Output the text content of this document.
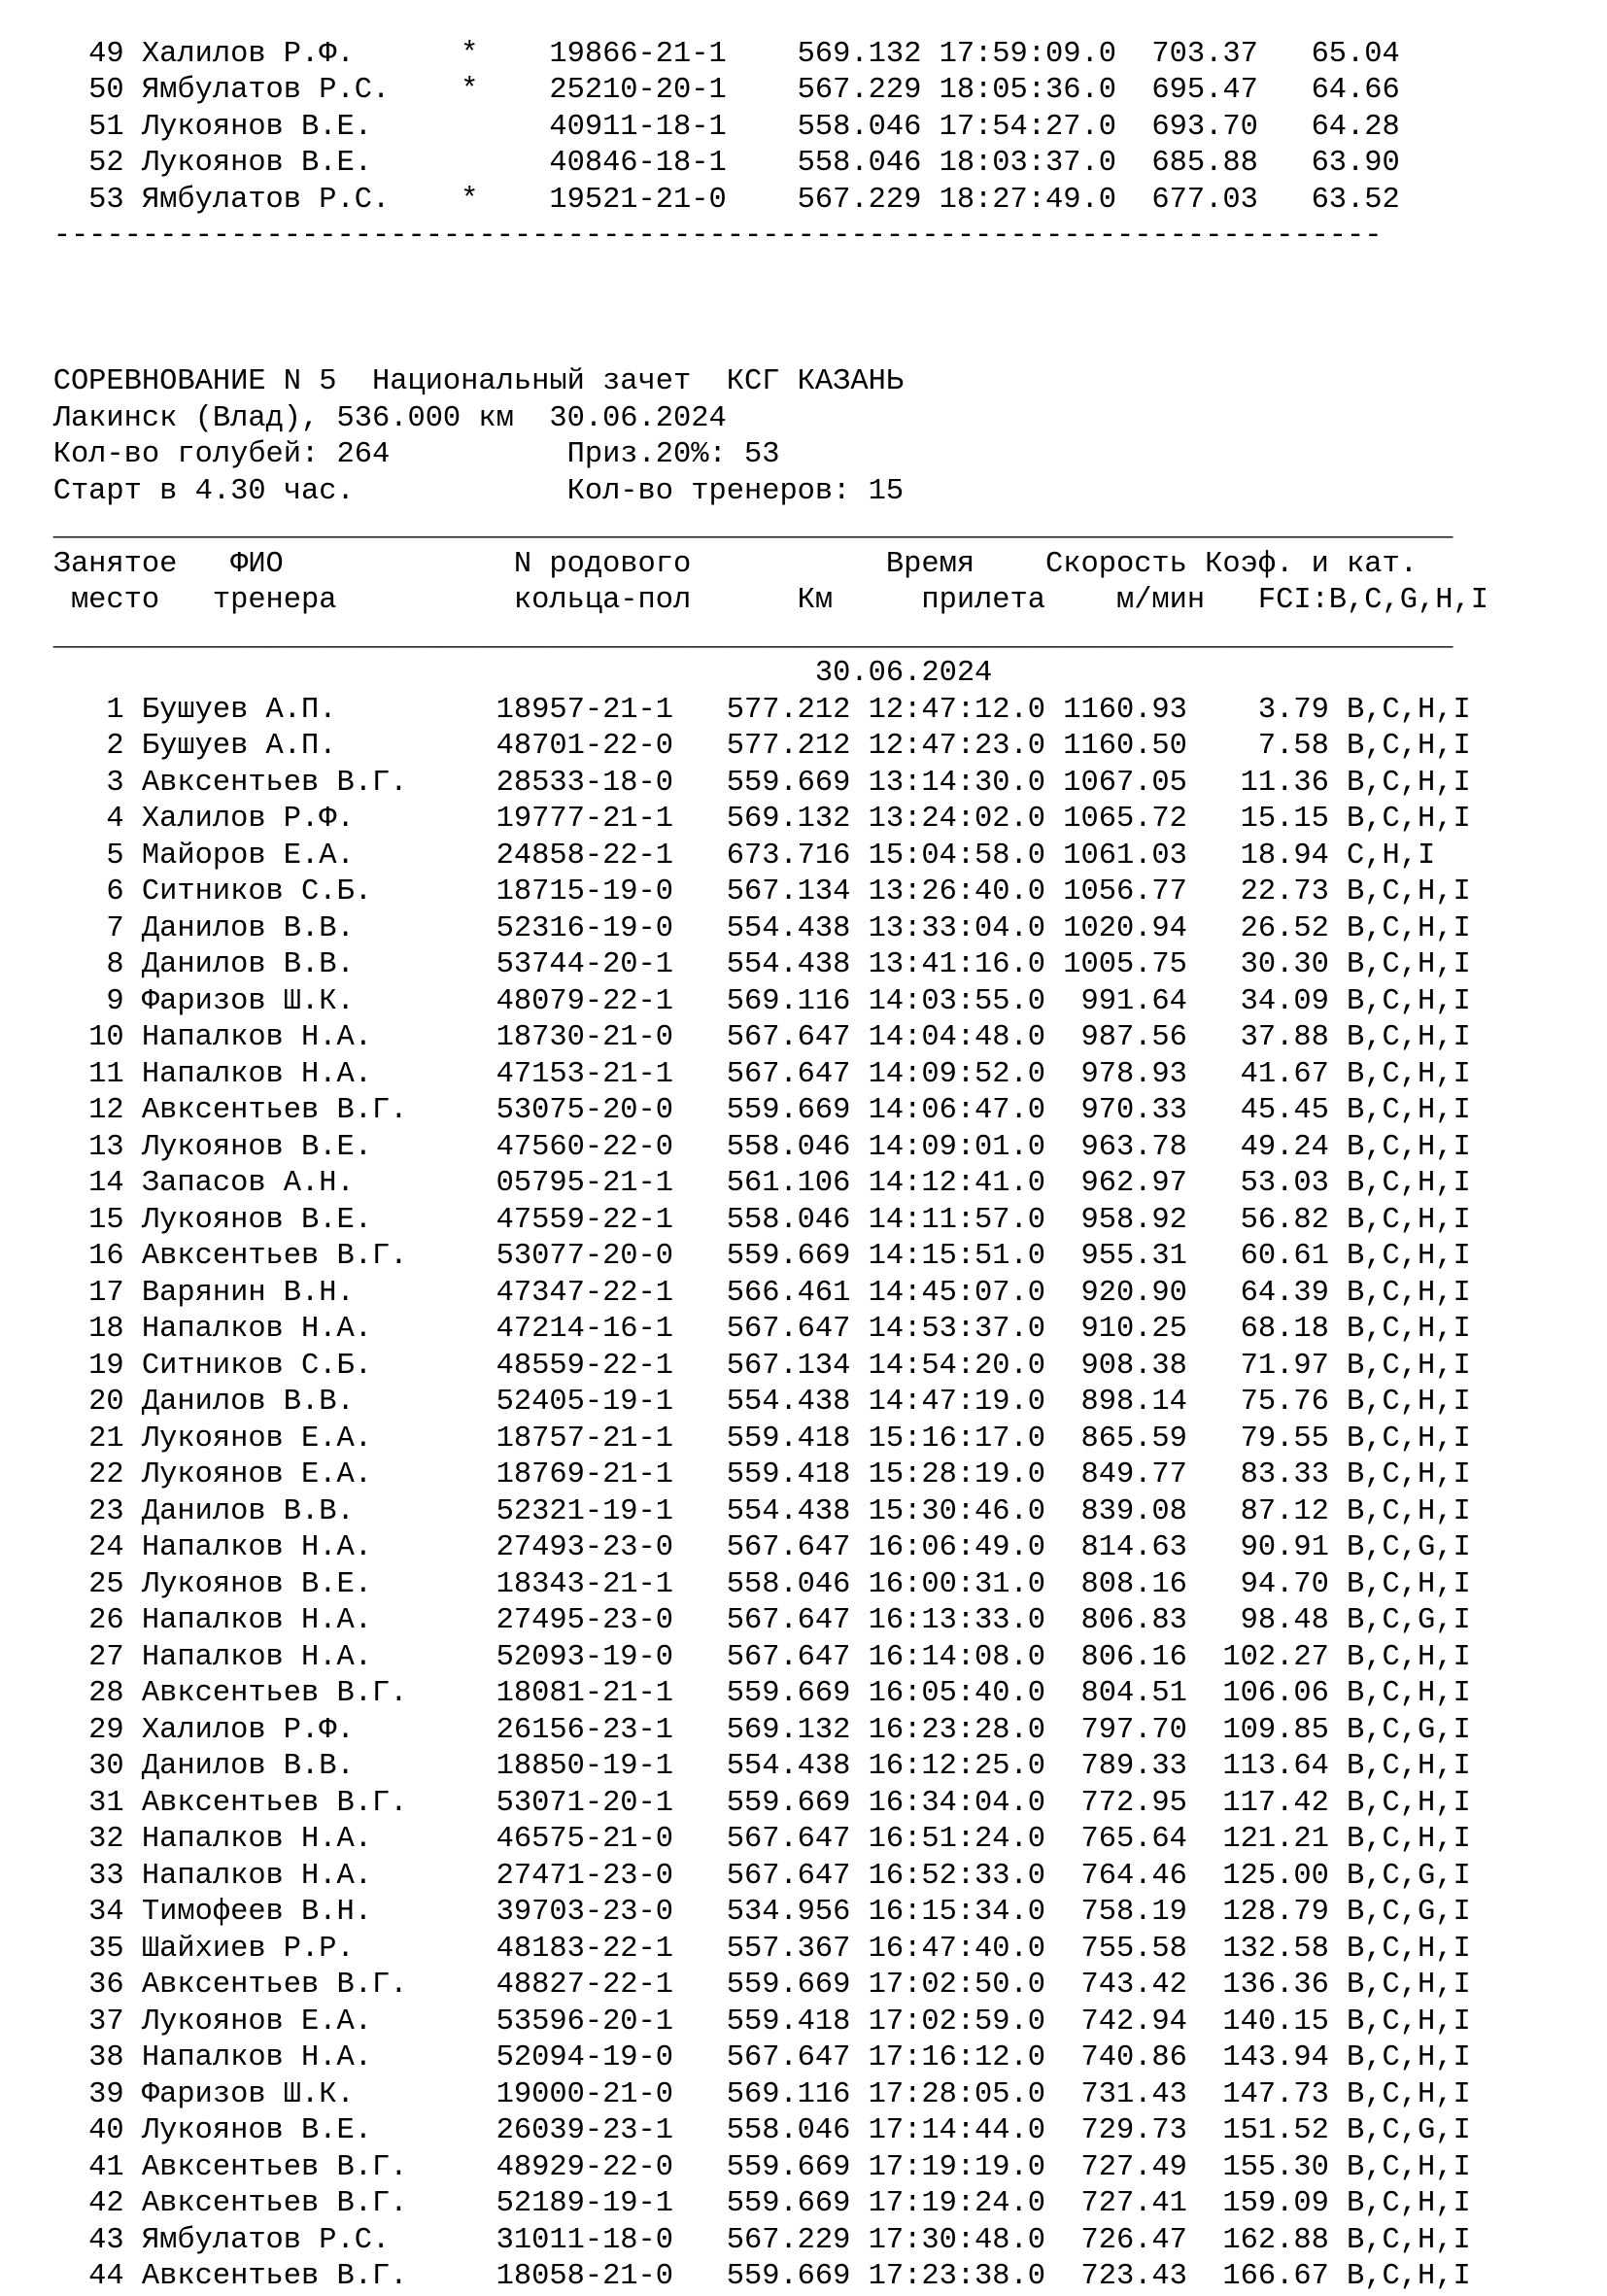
49 Халилов Р.Ф.      *    19866-21-1    569.132 17:59:09.0  703.37   65.04
50 Ямбулатов Р.С.    *    25210-20-1    567.229 18:05:36.0  695.47   64.66
51 Лукоянов В.Е.          40911-18-1    558.046 17:54:27.0  693.70   64.28
52 Лукоянов В.Е.          40846-18-1    558.046 18:03:37.0  685.88   63.90
53 Ямбулатов Р.С.    *    19521-21-0    567.229 18:27:49.0  677.03   63.52
---------------------------------------------------------------------------
СОРЕВНОВАНИЕ N 5  Национальный зачет  КСГ КАЗАНЬ
Лакинск (Влад), 536.000 км  30.06.2024
Кол-во голубей: 264          Приз.20%: 53
Старт в 4.30 час.            Кол-во тренеров: 15
_______________________________________________________________________________
Занятое   ФИО             N родового           Время    Скорость Коэф. и кат.
место   тренера          кольца-пол      Км     прилета    м/мин   FCI:B,C,G,H,I
_______________________________________________________________________________
30.06.2024
1 Бушуев А.П.         18957-21-1   577.212 12:47:12.0 1160.93    3.79 B,C,H,I
2 Бушуев А.П.         48701-22-0   577.212 12:47:23.0 1160.50    7.58 B,C,H,I
3 Авксентьев В.Г.     28533-18-0   559.669 13:14:30.0 1067.05   11.36 B,C,H,I
4 Халилов Р.Ф.        19777-21-1   569.132 13:24:02.0 1065.72   15.15 B,C,H,I
5 Майоров Е.А.        24858-22-1   673.716 15:04:58.0 1061.03   18.94 C,H,I
6 Ситников С.Б.       18715-19-0   567.134 13:26:40.0 1056.77   22.73 B,C,H,I
7 Данилов В.В.        52316-19-0   554.438 13:33:04.0 1020.94   26.52 B,C,H,I
8 Данилов В.В.        53744-20-1   554.438 13:41:16.0 1005.75   30.30 B,C,H,I
9 Фаризов Ш.К.        48079-22-1   569.116 14:03:55.0  991.64   34.09 B,C,H,I
10 Напалков Н.А.       18730-21-0   567.647 14:04:48.0  987.56   37.88 B,C,H,I
11 Напалков Н.А.       47153-21-1   567.647 14:09:52.0  978.93   41.67 B,C,H,I
12 Авксентьев В.Г.     53075-20-0   559.669 14:06:47.0  970.33   45.45 B,C,H,I
13 Лукоянов В.Е.       47560-22-0   558.046 14:09:01.0  963.78   49.24 B,C,H,I
14 Запасов А.Н.        05795-21-1   561.106 14:12:41.0  962.97   53.03 B,C,H,I
15 Лукоянов В.Е.       47559-22-1   558.046 14:11:57.0  958.92   56.82 B,C,H,I
16 Авксентьев В.Г.     53077-20-0   559.669 14:15:51.0  955.31   60.61 B,C,H,I
17 Варянин В.Н.        47347-22-1   566.461 14:45:07.0  920.90   64.39 B,C,H,I
18 Напалков Н.А.       47214-16-1   567.647 14:53:37.0  910.25   68.18 B,C,H,I
19 Ситников С.Б.       48559-22-1   567.134 14:54:20.0  908.38   71.97 B,C,H,I
20 Данилов В.В.        52405-19-1   554.438 14:47:19.0  898.14   75.76 B,C,H,I
21 Лукоянов Е.А.       18757-21-1   559.418 15:16:17.0  865.59   79.55 B,C,H,I
22 Лукоянов Е.А.       18769-21-1   559.418 15:28:19.0  849.77   83.33 B,C,H,I
23 Данилов В.В.        52321-19-1   554.438 15:30:46.0  839.08   87.12 B,C,H,I
24 Напалков Н.А.       27493-23-0   567.647 16:06:49.0  814.63   90.91 B,C,G,I
25 Лукоянов В.Е.       18343-21-1   558.046 16:00:31.0  808.16   94.70 B,C,H,I
26 Напалков Н.А.       27495-23-0   567.647 16:13:33.0  806.83   98.48 B,C,G,I
27 Напалков Н.А.       52093-19-0   567.647 16:14:08.0  806.16  102.27 B,C,H,I
28 Авксентьев В.Г.     18081-21-1   559.669 16:05:40.0  804.51  106.06 B,C,H,I
29 Халилов Р.Ф.        26156-23-1   569.132 16:23:28.0  797.70  109.85 B,C,G,I
30 Данилов В.В.        18850-19-1   554.438 16:12:25.0  789.33  113.64 B,C,H,I
31 Авксентьев В.Г.     53071-20-1   559.669 16:34:04.0  772.95  117.42 B,C,H,I
32 Напалков Н.А.       46575-21-0   567.647 16:51:24.0  765.64  121.21 B,C,H,I
33 Напалков Н.А.       27471-23-0   567.647 16:52:33.0  764.46  125.00 B,C,G,I
34 Тимофеев В.Н.       39703-23-0   534.956 16:15:34.0  758.19  128.79 B,C,G,I
35 Шайхиев Р.Р.        48183-22-1   557.367 16:47:40.0  755.58  132.58 B,C,H,I
36 Авксентьев В.Г.     48827-22-1   559.669 17:02:50.0  743.42  136.36 B,C,H,I
37 Лукоянов Е.А.       53596-20-1   559.418 17:02:59.0  742.94  140.15 B,C,H,I
38 Напалков Н.А.       52094-19-0   567.647 17:16:12.0  740.86  143.94 B,C,H,I
39 Фаризов Ш.К.        19000-21-0   569.116 17:28:05.0  731.43  147.73 B,C,H,I
40 Лукоянов В.Е.       26039-23-1   558.046 17:14:44.0  729.73  151.52 B,C,G,I
41 Авксентьев В.Г.     48929-22-0   559.669 17:19:19.0  727.49  155.30 B,C,H,I
42 Авксентьев В.Г.     52189-19-1   559.669 17:19:24.0  727.41  159.09 B,C,H,I
43 Ямбулатов Р.С.      31011-18-0   567.229 17:30:48.0  726.47  162.88 B,C,H,I
44 Авксентьев В.Г.     18058-21-0   559.669 17:23:38.0  723.43  166.67 B,C,H,I
